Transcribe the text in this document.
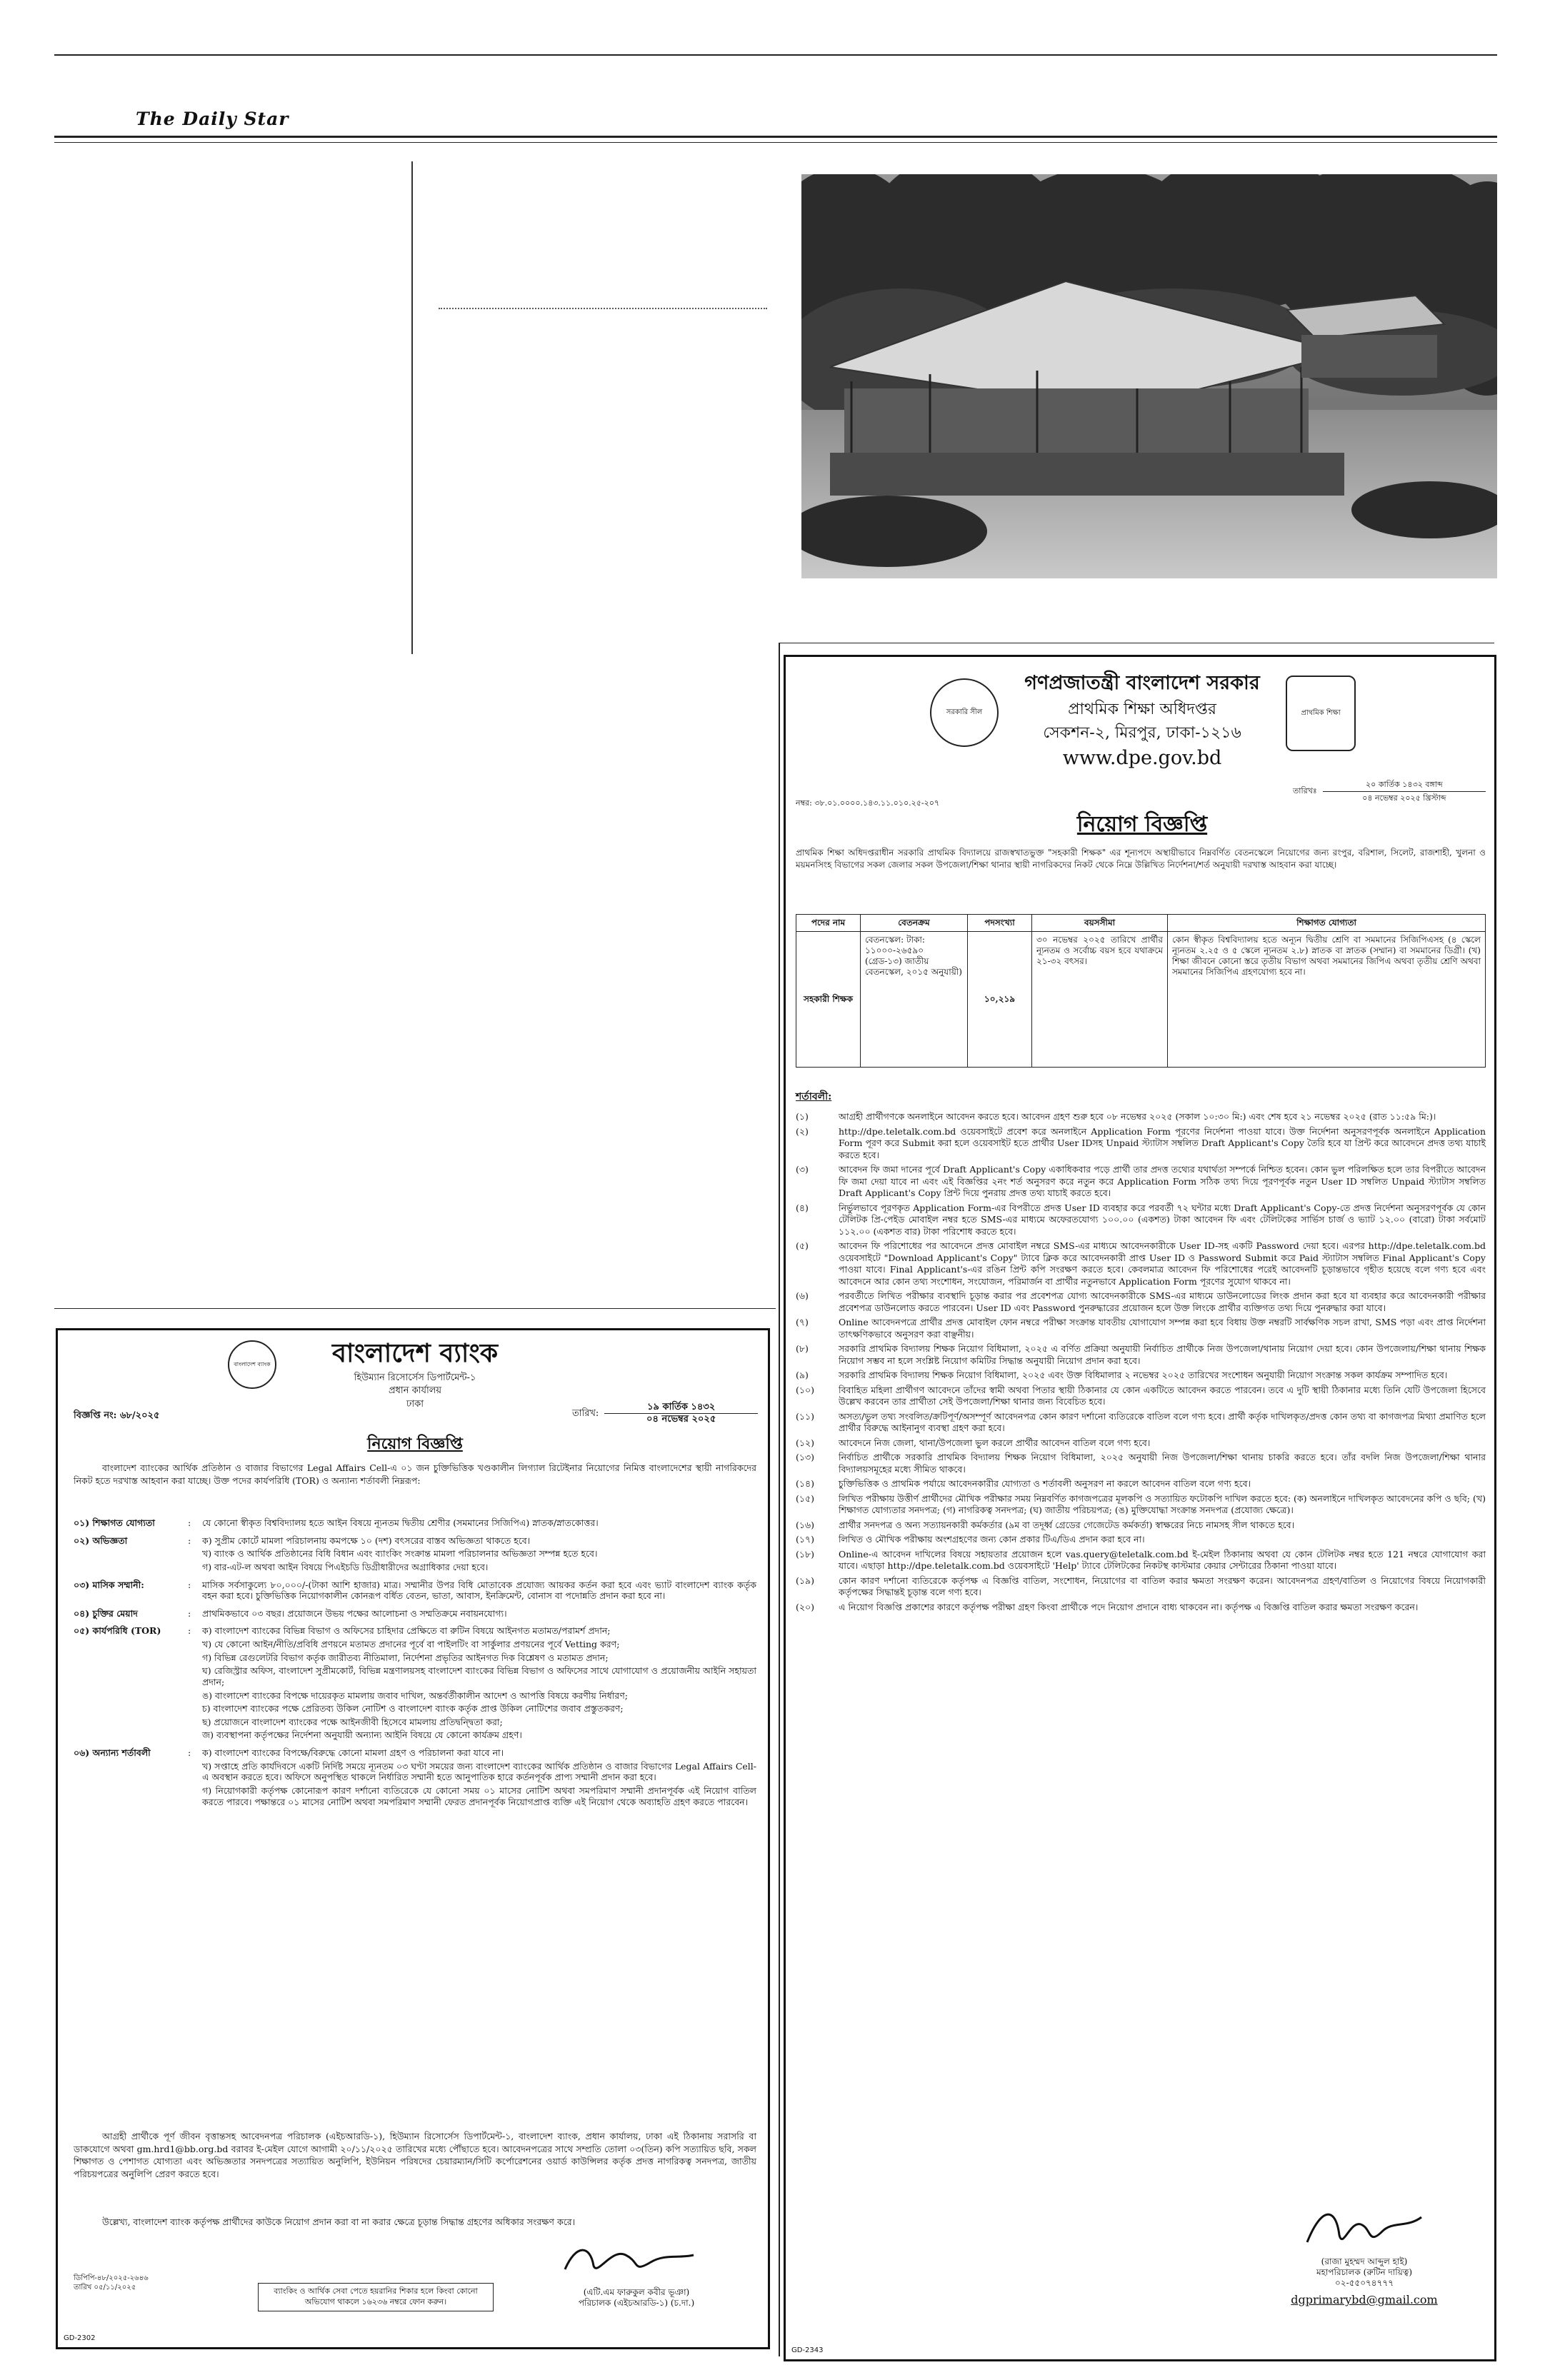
The Daily Star
সরকারি সীল	প্রাথমিক শিক্ষা
গণপ্রজাতন্ত্রী বাংলাদেশ সরকার
প্রাথমিক শিক্ষা অধিদপ্তর
সেকশন-২, মিরপুর, ঢাকা-১২১৬
www.dpe.gov.bd
নম্বর: ৩৮.০১.০০০০.১৪৩.১১.০১০.২৫-২০৭
তারিখঃ
২০ কার্তিক ১৪৩২ বঙ্গাব্দ
০৪ নভেম্বর ২০২৫ খ্রিস্টাব্দ
নিয়োগ বিজ্ঞপ্তি
প্রাথমিক শিক্ষা অধিদপ্তরাধীন সরকারি প্রাথমিক বিদ্যালয়ে রাজস্বখাতভুক্ত "সহকারী শিক্ষক" এর শূন্যপদে অস্থায়ীভাবে নিম্নবর্ণিত বেতনস্কেলে নিয়োগের জন্য রংপুর, বরিশাল, সিলেট, রাজশাহী, খুলনা ও ময়মনসিংহ বিভাগের সকল জেলার সকল উপজেলা/শিক্ষা থানার স্থায়ী নাগরিকদের নিকট থেকে নিম্নে উল্লিখিত নির্দেশনা/শর্ত অনুযায়ী দরখাস্ত আহবান করা যাচ্ছে।
পদের নাম	বেতনক্রম	পদসংখ্যা	বয়সসীমা	শিক্ষাগত যোগ্যতা
সহকারী শিক্ষক	বেতনস্কেল: টাকা: ১১০০০-২৬৫৯০ (গ্রেড-১৩) জাতীয় বেতনস্কেল, ২০১৫ অনুযায়ী)	১০,২১৯	৩০ নভেম্বর ২০২৫ তারিখে প্রার্থীর ন্যূনতম ও সর্বোচ্চ বয়স হবে যথাক্রমে ২১-৩২ বৎসর।	কোন স্বীকৃত বিশ্ববিদ্যালয় হতে অন্যূন দ্বিতীয় শ্রেণি বা সমমানের সিজিপিএসহ (৪ স্কেলে ন্যূনতম ২.২৫ ও ৫ স্কেলে ন্যূনতম ২.৮) স্নাতক বা স্নাতক (সম্মান) বা সমমানের ডিগ্রী। (খ) শিক্ষা জীবনে কোনো স্তরে তৃতীয় বিভাগ অথবা সমমানের জিপিএ অথবা তৃতীয় শ্রেণি অথবা সমমানের সিজিপিএ গ্রহণযোগ্য হবে না।
শর্তাবলী:
(১)	আগ্রহী প্রার্থীগণকে অনলাইনে আবেদন করতে হবে। আবেদন গ্রহণ শুরু হবে ০৮ নভেম্বর ২০২৫ (সকাল ১০:৩০ মি:) এবং শেষ হবে ২১ নভেম্বর ২০২৫ (রাত ১১:৫৯ মি:)।
(২)	http://dpe.teletalk.com.bd ওয়েবসাইটে প্রবেশ করে অনলাইনে Application Form পূরণের নির্দেশনা পাওয়া যাবে। উক্ত নির্দেশনা অনুসরণপূর্বক অনলাইনে Application Form পূরণ করে Submit করা হলে ওয়েবসাইট হতে প্রার্থীর User IDসহ Unpaid স্ট্যাটাস সম্বলিত Draft Applicant's Copy তৈরি হবে যা প্রিন্ট করে আবেদনে প্রদত্ত তথ্য যাচাই করতে হবে।
(৩)	আবেদন ফি জমা দানের পূর্বে Draft Applicant's Copy একাধিকবার পড়ে প্রার্থী তার প্রদত্ত তথ্যের যথার্থতা সম্পর্কে নিশ্চিত হবেন। কোন ভুল পরিলক্ষিত হলে তার বিপরীতে আবেদন ফি জমা দেয়া যাবে না এবং এই বিজ্ঞপ্তির ২নং শর্ত অনুসরণ করে নতুন করে Application Form সঠিক তথ্য দিয়ে পূরণপূর্বক নতুন User ID সম্বলিত Unpaid স্ট্যাটাস সম্বলিত Draft Applicant's Copy প্রিন্ট দিয়ে পুনরায় প্রদত্ত তথ্য যাচাই করতে হবে।
(৪)	নির্ভুলভাবে পূরণকৃত Application Form-এর বিপরীতে প্রদত্ত User ID ব্যবহার করে পরবর্তী ৭২ ঘন্টার মধ্যে Draft Applicant's Copy-তে প্রদত্ত নির্দেশনা অনুসরণপূর্বক যে কোন টেলিটক প্রি-পেইড মোবাইল নম্বর হতে SMS-এর মাধ্যমে অফেরতযোগ্য ১০০.০০ (একশত) টাকা আবেদন ফি এবং টেলিটকের সার্ভিস চার্জ ও ভ্যাট ১২.০০ (বারো) টাকা সর্বমোট ১১২.০০ (একশত বার) টাকা পরিশোধ করতে হবে।
(৫)	আবেদন ফি পরিশোধের পর আবেদনে প্রদত্ত মোবাইল নম্বরে SMS-এর মাধ্যমে আবেদনকারীকে User ID-সহ একটি Password দেয়া হবে। এরপর http://dpe.teletalk.com.bd ওয়েবসাইটে "Download Applicant's Copy" ট্যাবে ক্লিক করে আবেদনকারী প্রাপ্ত User ID ও Password Submit করে Paid স্ট্যাটাস সম্বলিত Final Applicant's Copy পাওয়া যাবে। Final Applicant's-এর রঙিন প্রিন্ট কপি সংরক্ষণ করতে হবে। কেবলমাত্র আবেদন ফি পরিশোধের পরেই আবেদনটি চূড়ান্তভাবে গৃহীত হয়েছে বলে গণ্য হবে এবং আবেদনে আর কোন তথ্য সংশোধন, সংযোজন, পরিমার্জন বা প্রার্থীর নতুনভাবে Application Form পূরণের সুযোগ থাকবে না।
(৬)	পরবর্তীতে লিখিত পরীক্ষার ব্যবস্থাদি চূড়ান্ত করার পর প্রবেশপত্র যোগ্য আবেদনকারীকে SMS-এর মাধ্যমে ডাউনলোডের লিংক প্রদান করা হবে যা ব্যবহার করে আবেদনকারী পরীক্ষার প্রবেশপত্র ডাউনলোড করতে পারবেন। User ID এবং Password পুনরুদ্ধারের প্রয়োজন হলে উক্ত লিংকে প্রার্থীর ব্যক্তিগত তথ্য দিয়ে পুনরুদ্ধার করা যাবে।
(৭)	Online আবেদনপত্রে প্রার্থীর প্রদত্ত মোবাইল ফোন নম্বরে পরীক্ষা সংক্রান্ত যাবতীয় যোগাযোগ সম্পন্ন করা হবে বিধায় উক্ত নম্বরটি সার্বক্ষণিক সচল রাখা, SMS পড়া এবং প্রাপ্ত নির্দেশনা তাৎক্ষণিকভাবে অনুসরণ করা বাঞ্ছনীয়।
(৮)	সরকারি প্রাথমিক বিদ্যালয় শিক্ষক নিয়োগ বিধিমালা, ২০২৫ এ বর্ণিত প্রক্রিয়া অনুযায়ী নির্বাচিত প্রার্থীকে নিজ উপজেলা/থানায় নিয়োগ দেয়া হবে। কোন উপজেলায়/শিক্ষা থানায় শিক্ষক নিয়োগ সম্ভব না হলে সংশ্লিষ্ট নিয়োগ কমিটির সিদ্ধান্ত অনুযায়ী নিয়োগ প্রদান করা হবে।
(৯)	সরকারি প্রাথমিক বিদ্যালয় শিক্ষক নিয়োগ বিধিমালা, ২০২৫ এবং উক্ত বিধিমালার ২ নভেম্বর ২০২৫ তারিখের সংশোধন অনুযায়ী নিয়োগ সংক্রান্ত সকল কার্যক্রম সম্পাদিত হবে।
(১০)	বিবাহিত মহিলা প্রার্থীগণ আবেদনে তাঁদের স্বামী অথবা পিতার স্থায়ী ঠিকানার যে কোন একটিতে আবেদন করতে পারবেন। তবে এ দুটি স্থায়ী ঠিকানার মধ্যে তিনি যেটি উপজেলা হিসেবে উল্লেখ করবেন তার প্রার্থীতা সেই উপজেলা/শিক্ষা থানার জন্য বিবেচিত হবে।
(১১)	অসত্য/ভুল তথ্য সংবলিত/ক্রটিপূর্ণ/অসম্পূর্ণ আবেদনপত্র কোন কারণ দর্শানো ব্যতিরেকে বাতিল বলে গণ্য হবে। প্রার্থী কর্তৃক দাখিলকৃত/প্রদত্ত কোন তথ্য বা কাগজপত্র মিথ্যা প্রমাণিত হলে প্রার্থীর বিরুদ্ধে আইনানুগ ব্যবস্থা গ্রহণ করা হবে।
(১২)	আবেদনে নিজ জেলা, থানা/উপজেলা ভুল করলে প্রার্থীর আবেদন বাতিল বলে গণ্য হবে।
(১৩)	নির্বাচিত প্রার্থীকে সরকারি প্রাথমিক বিদ্যালয় শিক্ষক নিয়োগ বিধিমালা, ২০২৫ অনুযায়ী নিজ উপজেলা/শিক্ষা থানায় চাকরি করতে হবে। তাঁর বদলি নিজ উপজেলা/শিক্ষা থানার বিদ্যালয়সমূহের মধ্যে সীমিত থাকবে।
(১৪)	চুক্তিভিত্তিক ও প্রাথমিক পর্যায়ে আবেদনকারীর যোগ্যতা ও শর্তাবলী অনুসরণ না করলে আবেদন বাতিল বলে গণ্য হবে।
(১৫)	লিখিত পরীক্ষায় উত্তীর্ণ প্রার্থীদের মৌখিক পরীক্ষার সময় নিম্নবর্ণিত কাগজপত্রের মূলকপি ও সত্যায়িত ফটোকপি দাখিল করতে হবে: (ক) অনলাইনে দাখিলকৃত আবেদনের কপি ও ছবি; (খ) শিক্ষাগত যোগ্যতার সনদপত্র; (গ) নাগরিকত্ব সনদপত্র; (ঘ) জাতীয় পরিচয়পত্র; (ঙ) মুক্তিযোদ্ধা সংক্রান্ত সনদপত্র (প্রযোজ্য ক্ষেত্রে)।
(১৬)	প্রার্থীর সনদপত্র ও অন্য সত্যায়নকারী কর্মকর্তার (৯ম বা তদূর্ধ্ব গ্রেডের গেজেটেড কর্মকর্তা) স্বাক্ষরের নিচে নামসহ সীল থাকতে হবে।
(১৭)	লিখিত ও মৌখিক পরীক্ষায় অংশগ্রহণের জন্য কোন প্রকার টিএ/ডিএ প্রদান করা হবে না।
(১৮)	Online-এ আবেদন দাখিলের বিষয়ে সহায়তার প্রয়োজন হলে vas.query@teletalk.com.bd ই-মেইল ঠিকানায় অথবা যে কোন টেলিটক নম্বর হতে 121 নম্বরে যোগাযোগ করা যাবে। এছাড়া http://dpe.teletalk.com.bd ওয়েবসাইটে 'Help' ট্যাবে টেলিটকের নিকটস্থ কাস্টমার কেয়ার সেন্টারের ঠিকানা পাওয়া যাবে।
(১৯)	কোন কারণ দর্শানো ব্যতিরেকে কর্তৃপক্ষ এ বিজ্ঞপ্তি বাতিল, সংশোধন, নিয়োগের বা বাতিল করার ক্ষমতা সংরক্ষণ করেন। আবেদনপত্র গ্রহণ/বাতিল ও নিয়োগের বিষয়ে নিয়োগকারী কর্তৃপক্ষের সিদ্ধান্তই চূড়ান্ত বলে গণ্য হবে।
(২০)	এ নিয়োগ বিজ্ঞপ্তি প্রকাশের কারণে কর্তৃপক্ষ পরীক্ষা গ্রহণ কিংবা প্রার্থীকে পদে নিয়োগ প্রদানে বাধ্য থাকবেন না। কর্তৃপক্ষ এ বিজ্ঞপ্তি বাতিল করার ক্ষমতা সংরক্ষণ করেন।
(রাজা মুহম্মদ আব্দুল হাই)
মহাপরিচালক (রুটিন দায়িত্ব)
০২-৫৫০৭৪৭৭৭
dgprimarybd@gmail.com
GD-2343
বাংলাদেশ ব্যাংক	বাংলাদেশ ব্যাংক
হিউম্যান রিসোর্সেস ডিপার্টমেন্ট-১
প্রধান কার্যালয়
ঢাকা
বিজ্ঞপ্তি নং: ৬৮/২০২৫	তারিখ:
১৯ কার্তিক ১৪৩২
০৪ নভেম্বর ২০২৫
নিয়োগ বিজ্ঞপ্তি
বাংলাদেশ ব্যাংকের আর্থিক প্রতিষ্ঠান ও বাজার বিভাগের Legal Affairs Cell-এ ০১ জন চুক্তিভিত্তিক খণ্ডকালীন লিগ্যাল রিটেইনার নিয়োগের নিমিত্ত বাংলাদেশের স্থায়ী নাগরিকদের নিকট হতে দরখাস্ত আহবান করা যাচ্ছে। উক্ত পদের কার্যপরিধি (TOR) ও অন্যান্য শর্তাবলী নিম্নরূপ:
০১) শিক্ষাগত যোগ্যতা	:	যে কোনো স্বীকৃত বিশ্ববিদ্যালয় হতে আইন বিষয়ে ন্যূনতম দ্বিতীয় শ্রেণীর (সমমানের সিজিপিএ) স্নাতক/স্নাতকোত্তর।
০২) অভিজ্ঞতা	:	ক) সুপ্রীম কোর্টে মামলা পরিচালনায় কমপক্ষে ১০ (দশ) বৎসরের বাস্তব অভিজ্ঞতা থাকতে হবে।
খ) ব্যাংক ও আর্থিক প্রতিষ্ঠানের বিধি বিধান এবং ব্যাংকিং সংক্রান্ত মামলা পরিচালনার অভিজ্ঞতা সম্পন্ন হতে হবে।
গ) বার-এট-ল অথবা আইন বিষয়ে পিএইচডি ডিগ্রীধারীদের অগ্রাধিকার দেয়া হবে।
০৩) মাসিক সম্মানী:	:	মাসিক সর্বসাকুল্যে ৮০,০০০/-(টাকা আশি হাজার) মাত্র। সম্মানীর উপর বিধি মোতাবেক প্রযোজ্য আয়কর কর্তন করা হবে এবং ভ্যাট বাংলাদেশ ব্যাংক কর্তৃক বহন করা হবে। চুক্তিভিত্তিক নিয়োগকালীন কোনরূপ বর্ধিত বেতন, ভাতা, আবাস, ইনক্রিমেন্ট, বোনাস বা পদোন্নতি প্রদান করা হবে না।
০৪) চুক্তির মেয়াদ	:	প্রাথমিকভাবে ০৩ বছর। প্রয়োজনে উভয় পক্ষের আলোচনা ও সম্মতিক্রমে নবায়নযোগ্য।
০৫) কার্যপরিধি (TOR)	:	ক) বাংলাদেশ ব্যাংকের বিভিন্ন বিভাগ ও অফিসের চাহিদার প্রেক্ষিতে বা রুটিন বিষয়ে আইনগত মতামত/পরামর্শ প্রদান;
খ) যে কোনো আইন/নীতি/প্রবিধি প্রণয়নে মতামত প্রদানের পূর্বে বা পাইলটিং বা সার্কুলার প্রণয়নের পূর্বে Vetting করণ;
গ) বিভিন্ন রেগুলেটরি বিভাগ কর্তৃক জারীতব্য নীতিমালা, নির্দেশনা প্রভৃতির আইনগত দিক বিশ্লেষণ ও মতামত প্রদান;
ঘ) রেজিস্ট্রার অফিস, বাংলাদেশ সুপ্রীমকোর্ট, বিভিন্ন মন্ত্রণালয়সহ বাংলাদেশ ব্যাংকের বিভিন্ন বিভাগ ও অফিসের সাথে যোগাযোগ ও প্রয়োজনীয় আইনি সহায়তা প্রদান;
ঙ) বাংলাদেশ ব্যাংকের বিপক্ষে দায়েরকৃত মামলায় জবাব দাখিল, অন্তর্বর্তীকালীন আদেশ ও আপত্তি বিষয়ে করণীয় নির্ধারণ;
চ) বাংলাদেশ ব্যাংকের পক্ষে প্রেরিতব্য উকিল নোটিশ ও বাংলাদেশ ব্যাংক কর্তৃক প্রাপ্ত উকিল নোটিশের জবাব প্রস্তুতকরণ;
ছ) প্রয়োজনে বাংলাদেশ ব্যাংকের পক্ষে আইনজীবী হিসেবে মামলায় প্রতিদ্বন্দ্বিতা করা;
জ) ব্যবস্থাপনা কর্তৃপক্ষের নির্দেশনা অনুযায়ী অন্যান্য আইনি বিষয়ে যে কোনো কার্যক্রম গ্রহণ।
০৬) অন্যান্য শর্তাবলী	:	ক) বাংলাদেশ ব্যাংকের বিপক্ষে/বিরুদ্ধে কোনো মামলা গ্রহণ ও পরিচালনা করা যাবে না।
খ) সপ্তাহে প্রতি কার্যদিবসে একটি নির্দিষ্ট সময়ে ন্যূনতম ০৩ ঘণ্টা সময়ের জন্য বাংলাদেশ ব্যাংকের আর্থিক প্রতিষ্ঠান ও বাজার বিভাগের Legal Affairs Cell-এ অবস্থান করতে হবে। অফিসে অনুপস্থিত থাকলে নির্ধারিত সম্মানী হতে আনুপাতিক হারে কর্তনপূর্বক প্রাপ্য সম্মানী প্রদান করা হবে।
গ) নিয়োগকারী কর্তৃপক্ষ কোনোরূপ কারণ দর্শানো ব্যতিরেকে যে কোনো সময় ০১ মাসের নোটিশ অথবা সমপরিমাণ সম্মানী প্রদানপূর্বক এই নিয়োগ বাতিল করতে পারবে। পক্ষান্তরে ০১ মাসের নোটিশ অথবা সমপরিমাণ সম্মানী ফেরত প্রদানপূর্বক নিয়োগপ্রাপ্ত ব্যক্তি এই নিয়োগ থেকে অব্যাহতি গ্রহণ করতে পারবেন।
আগ্রহী প্রার্থীকে পূর্ণ জীবন বৃত্তান্তসহ আবেদনপত্র পরিচালক (এইচআরডি-১), হিউম্যান রিসোর্সেস ডিপার্টমেন্ট-১, বাংলাদেশ ব্যাংক, প্রধান কার্যালয়, ঢাকা এই ঠিকানায় সরাসরি বা ডাকযোগে অথবা gm.hrd1@bb.org.bd বরাবর ই-মেইল যোগে আগামী ২০/১১/২০২৫ তারিখের মধ্যে পৌঁছাতে হবে। আবেদনপত্রের সাথে সম্প্রতি তোলা ০৩(তিন) কপি সত্যায়িত ছবি, সকল শিক্ষাগত ও পেশাগত যোগ্যতা এবং অভিজ্ঞতার সনদপত্রের সত্যায়িত অনুলিপি, ইউনিয়ন পরিষদের চেয়ারম্যান/সিটি কর্পোরেশনের ওয়ার্ড কাউন্সিলর কর্তৃক প্রদত্ত নাগরিকত্ব সনদপত্র, জাতীয় পরিচয়পত্রের অনুলিপি প্রেরণ করতে হবে।
উল্লেখ্য, বাংলাদেশ ব্যাংক কর্তৃপক্ষ প্রার্থীদের কাউকে নিয়োগ প্রদান করা বা না করার ক্ষেত্রে চূড়ান্ত সিদ্ধান্ত গ্রহণের অধিকার সংরক্ষণ করে।
ডিপিপি-৪৮/২০২৫-২৬৪৬
তারিখ ০৫/১১/২০২৫	ব্যাংকিং ও আর্থিক সেবা পেতে হয়রানির শিকার হলে কিংবা কোনো অভিযোগ থাকলে ১৬২৩৬ নম্বরে ফোন করুন।
(এটি.এম ফারুকুল কবীর ভূঞা)
পরিচালক (এইচআরডি-১) (চ.দা.)
GD-2302
